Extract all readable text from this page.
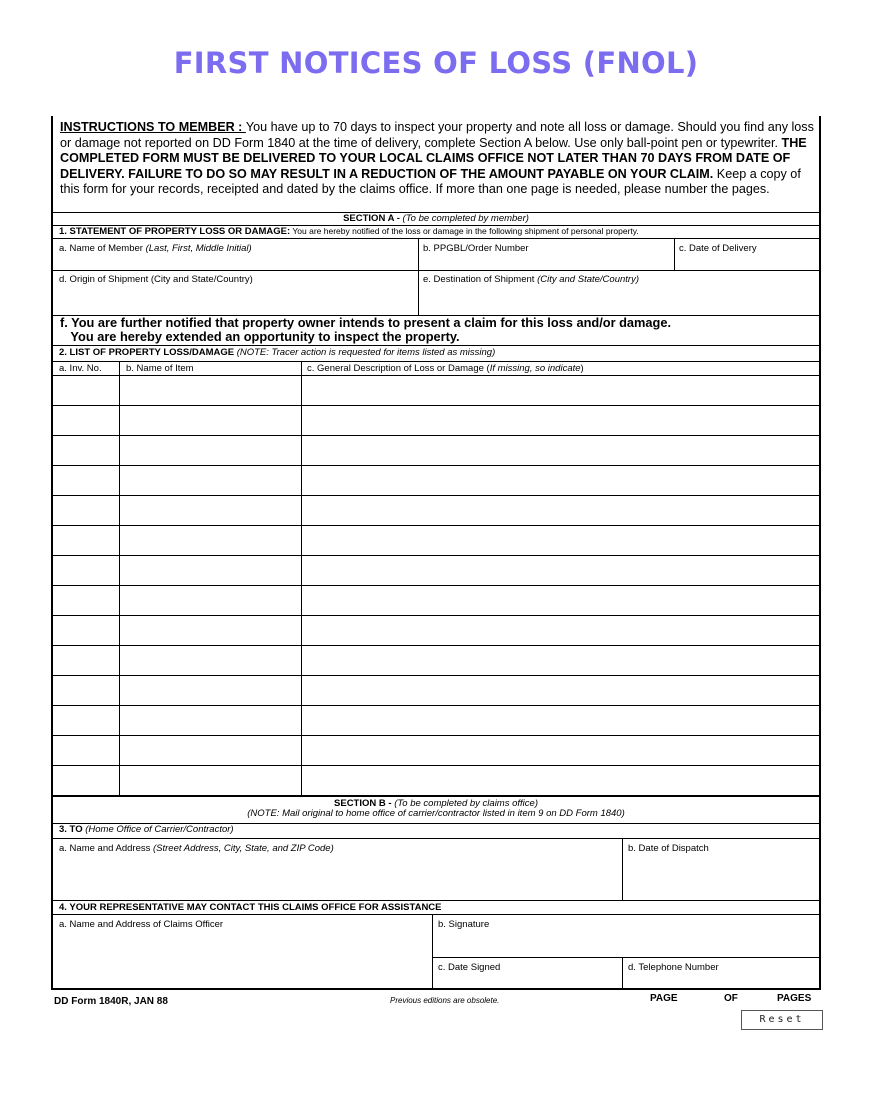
FIRST NOTICES OF LOSS (FNOL)
INSTRUCTIONS TO MEMBER : You have up to 70 days to inspect your property and note all loss or damage. Should you find any loss or damage not reported on DD Form 1840 at the time of delivery, complete Section A below. Use only ball-point pen or typewriter. THE COMPLETED FORM MUST BE DELIVERED TO YOUR LOCAL CLAIMS OFFICE NOT LATER THAN 70 DAYS FROM DATE OF DELIVERY. FAILURE TO DO SO MAY RESULT IN A REDUCTION OF THE AMOUNT PAYABLE ON YOUR CLAIM. Keep a copy of this form for your records, receipted and dated by the claims office. If more than one page is needed, please number the pages.
SECTION A - (To be completed by member)
1. STATEMENT OF PROPERTY LOSS OR DAMAGE: You are hereby notified of the loss or damage in the following shipment of personal property.
a. Name of Member (Last, First, Middle Initial)	b. PPGBL/Order Number	c. Date of Delivery
d. Origin of Shipment (City and State/Country)	e. Destination of Shipment (City and State/Country)
f. You are further notified that property owner intends to present a claim for this loss and/or damage.
You are hereby extended an opportunity to inspect the property.
2. LIST OF PROPERTY LOSS/DAMAGE (NOTE: Tracer action is requested for items listed as missing)
a. Inv. No.	b. Name of Item	c. General Description of Loss or Damage (If missing, so indicate)
SECTION B - (To be completed by claims office)
(NOTE: Mail original to home office of carrier/contractor listed in item 9 on DD Form 1840)
3. TO (Home Office of Carrier/Contractor)
a. Name and Address (Street Address, City, State, and ZIP Code)	b. Date of Dispatch
4. YOUR REPRESENTATIVE MAY CONTACT THIS CLAIMS OFFICE FOR ASSISTANCE
a. Name and Address of Claims Officer	b. Signature
c. Date Signed	d. Telephone Number
DD Form 1840R, JAN 88	Previous editions are obsolete.	PAGE	OF	PAGES
Reset
